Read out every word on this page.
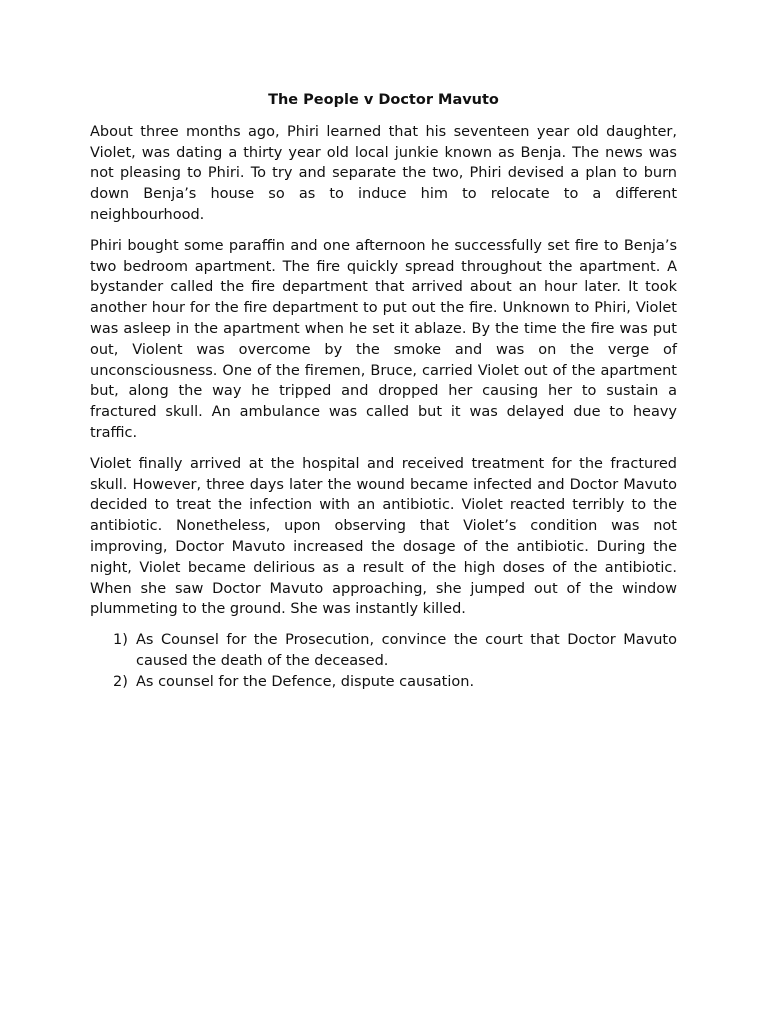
The People v Doctor Mavuto

About three months ago, Phiri learned that his seventeen year old daughter, Violet, was dating a thirty year old local junkie known as Benja. The news was not pleasing to Phiri. To try and separate the two, Phiri devised a plan to burn down Benja’s house so as to induce him to relocate to a different neighbourhood.

Phiri bought some paraffin and one afternoon he successfully set fire to Benja’s two bedroom apartment. The fire quickly spread throughout the apartment. A bystander called the fire department that arrived about an hour later. It took another hour for the fire department to put out the fire. Unknown to Phiri, Violet was asleep in the apartment when he set it ablaze. By the time the fire was put out, Violent was overcome by the smoke and was on the verge of unconsciousness. One of the firemen, Bruce, carried Violet out of the apartment but, along the way he tripped and dropped her causing her to sustain a fractured skull. An ambulance was called but it was delayed due to heavy traffic.

Violet finally arrived at the hospital and received treatment for the fractured skull. However, three days later the wound became infected and Doctor Mavuto decided to treat the infection with an antibiotic. Violet reacted terribly to the antibiotic. Nonetheless, upon observing that Violet’s condition was not improving, Doctor Mavuto increased the dosage of the antibiotic. During the night, Violet became delirious as a result of the high doses of the antibiotic. When she saw Doctor Mavuto approaching, she jumped out of the window plummeting to the ground. She was instantly killed.

1) As Counsel for the Prosecution, convince the court that Doctor Mavuto caused the death of the deceased.
2) As counsel for the Defence, dispute causation.
